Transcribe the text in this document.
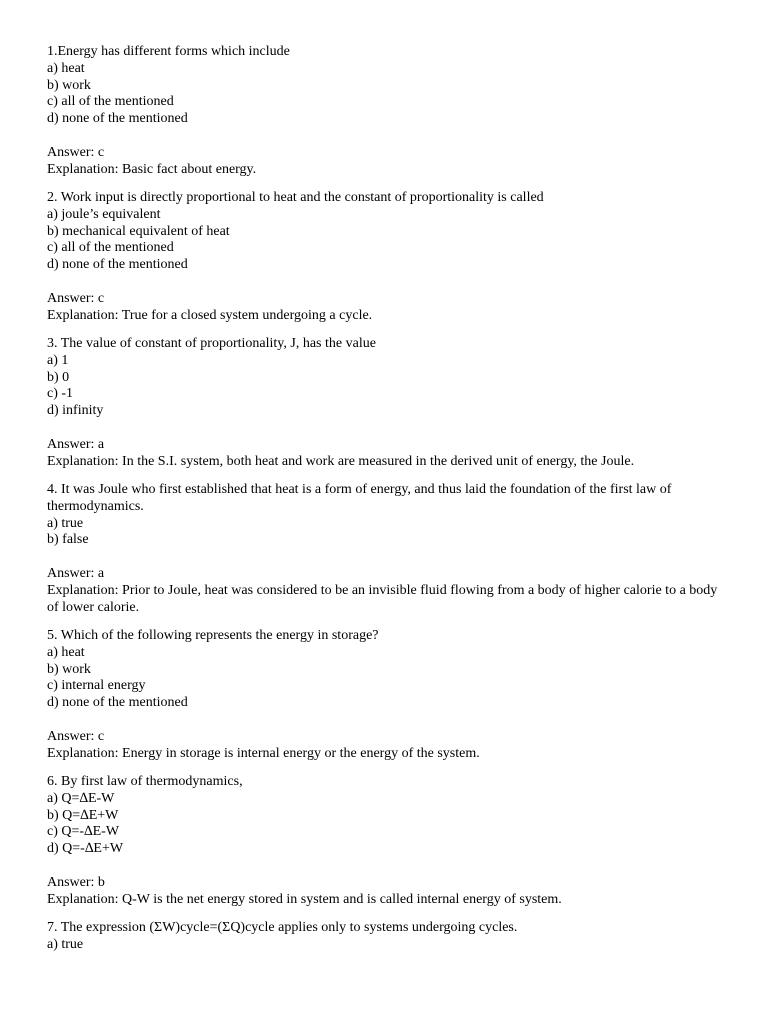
1.Energy has different forms which include
a) heat
b) work
c) all of the mentioned
d) none of the mentioned
Answer: c
Explanation: Basic fact about energy.
2. Work input is directly proportional to heat and the constant of proportionality is called
a) joule’s equivalent
b) mechanical equivalent of heat
c) all of the mentioned
d) none of the mentioned
Answer: c
Explanation: True for a closed system undergoing a cycle.
3. The value of constant of proportionality, J, has the value
a) 1
b) 0
c) -1
d) infinity
Answer: a
Explanation: In the S.I. system, both heat and work are measured in the derived unit of energy, the Joule.
4. It was Joule who first established that heat is a form of energy, and thus laid the foundation of the first law of thermodynamics.
a) true
b) false
Answer: a
Explanation: Prior to Joule, heat was considered to be an invisible fluid flowing from a body of higher calorie to a body of lower calorie.
5. Which of the following represents the energy in storage?
a) heat
b) work
c) internal energy
d) none of the mentioned
Answer: c
Explanation: Energy in storage is internal energy or the energy of the system.
6. By first law of thermodynamics,
a) Q=∆E-W
b) Q=∆E+W
c) Q=-∆E-W
d) Q=-∆E+W
Answer: b
Explanation: Q-W is the net energy stored in system and is called internal energy of system.
7. The expression (ΣW)cycle=(ΣQ)cycle applies only to systems undergoing cycles.
a) true
